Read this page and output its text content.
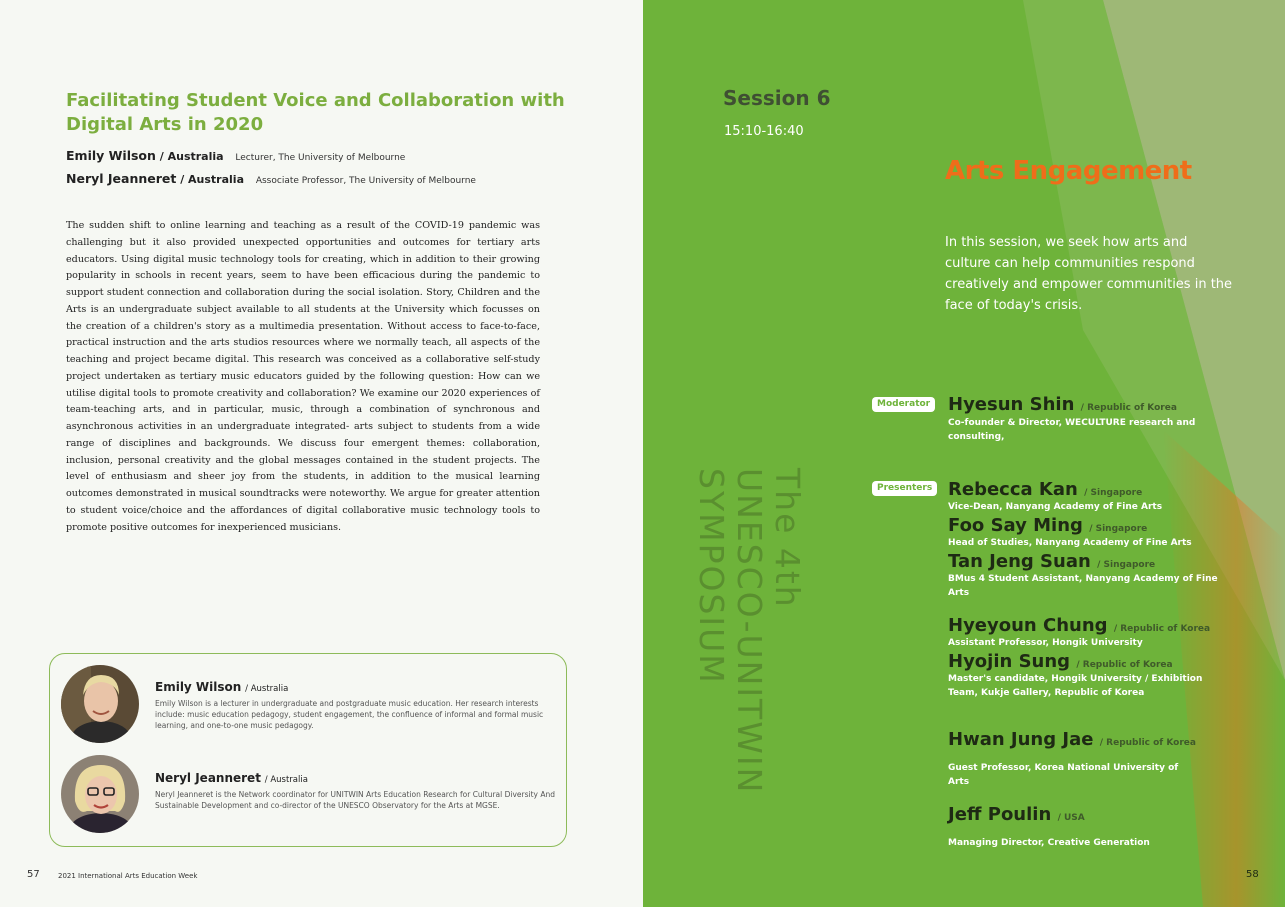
Facilitating Student Voice and Collaboration with Digital Arts in 2020
Emily Wilson / Australia Lecturer, The University of Melbourne
Neryl Jeanneret / Australia Associate Professor, The University of Melbourne
The sudden shift to online learning and teaching as a result of the COVID-19 pandemic was challenging but it also provided unexpected opportunities and outcomes for tertiary arts educators. Using digital music technology tools for creating, which in addition to their growing popularity in schools in recent years, seem to have been efficacious during the pandemic to support student connection and collaboration during the social isolation. Story, Children and the Arts is an undergraduate subject available to all students at the University which focusses on the creation of a children's story as a multimedia presentation. Without access to face-to-face, practical instruction and the arts studios resources where we normally teach, all aspects of the teaching and project became digital. This research was conceived as a collaborative self-study project undertaken as tertiary music educators guided by the following question: How can we utilise digital tools to promote creativity and collaboration? We examine our 2020 experiences of team-teaching arts, and in particular, music, through a combination of synchronous and asynchronous activities in an undergraduate integrated- arts subject to students from a wide range of disciplines and backgrounds. We discuss four emergent themes: collaboration, inclusion, personal creativity and the global messages contained in the student projects. The level of enthusiasm and sheer joy from the students, in addition to the musical learning outcomes demonstrated in musical soundtracks were noteworthy. We argue for greater attention to student voice/choice and the affordances of digital collaborative music technology tools to promote positive outcomes for inexperienced musicians.
Emily Wilson / Australia
Emily Wilson is a lecturer in undergraduate and postgraduate music education. Her research interests include: music education pedagogy, student engagement, the confluence of informal and formal music learning, and one-to-one music pedagogy.
Neryl Jeanneret / Australia
Neryl Jeanneret is the Network coordinator for UNITWIN Arts Education Research for Cultural Diversity And Sustainable Development and co-director of the UNESCO Observatory for the Arts at MGSE.
57	2021 International Arts Education Week
Session 6
15:10-16:40
Arts Engagement
In this session, we seek how arts and culture can help communities respond creatively and empower communities in the face of today's crisis.
The 4th
UNESCO-UNITWIN
SYMPOSIUM
Moderator Hyesun Shin / Republic of Korea
Co-founder & Director, WECULTURE research and consulting,
Presenters Rebecca Kan / Singapore
Vice-Dean, Nanyang Academy of Fine Arts
Foo Say Ming / Singapore
Head of Studies, Nanyang Academy of Fine Arts
Tan Jeng Suan / Singapore
BMus 4 Student Assistant, Nanyang Academy of Fine Arts
Hyeyoun Chung / Republic of Korea
Assistant Professor, Hongik University
Hyojin Sung / Republic of Korea
Master's candidate, Hongik University / Exhibition Team, Kukje Gallery, Republic of Korea
Hwan Jung Jae / Republic of Korea
Guest Professor, Korea National University of Arts
Jeff Poulin / USA
Managing Director, Creative Generation
58
